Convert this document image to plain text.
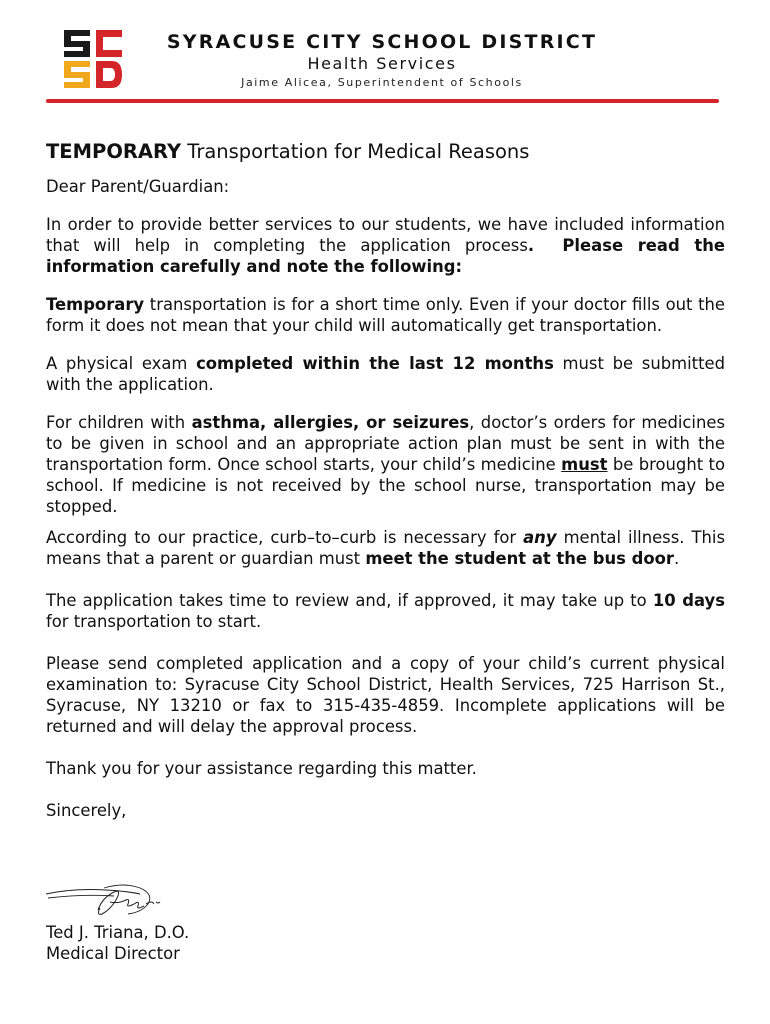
SYRACUSE CITY SCHOOL DISTRICT
Health Services
Jaime Alicea, Superintendent of Schools
TEMPORARY Transportation for Medical Reasons

Dear Parent/Guardian:

In order to provide better services to our students, we have included information that will help in completing the application process. Please read the information carefully and note the following:

Temporary transportation is for a short time only. Even if your doctor fills out the form it does not mean that your child will automatically get transportation.

A physical exam completed within the last 12 months must be submitted with the application.

For children with asthma, allergies, or seizures, doctor’s orders for medicines to be given in school and an appropriate action plan must be sent in with the transportation form. Once school starts, your child’s medicine must be brought to school. If medicine is not received by the school nurse, transportation may be stopped.

According to our practice, curb–to–curb is necessary for any mental illness. This means that a parent or guardian must meet the student at the bus door.

The application takes time to review and, if approved, it may take up to 10 days for transportation to start.

Please send completed application and a copy of your child’s current physical examination to: Syracuse City School District, Health Services, 725 Harrison St., Syracuse, NY 13210 or fax to 315-435-4859. Incomplete applications will be returned and will delay the approval process.

Thank you for your assistance regarding this matter.

Sincerely,

Ted J. Triana, D.O.
Medical Director
